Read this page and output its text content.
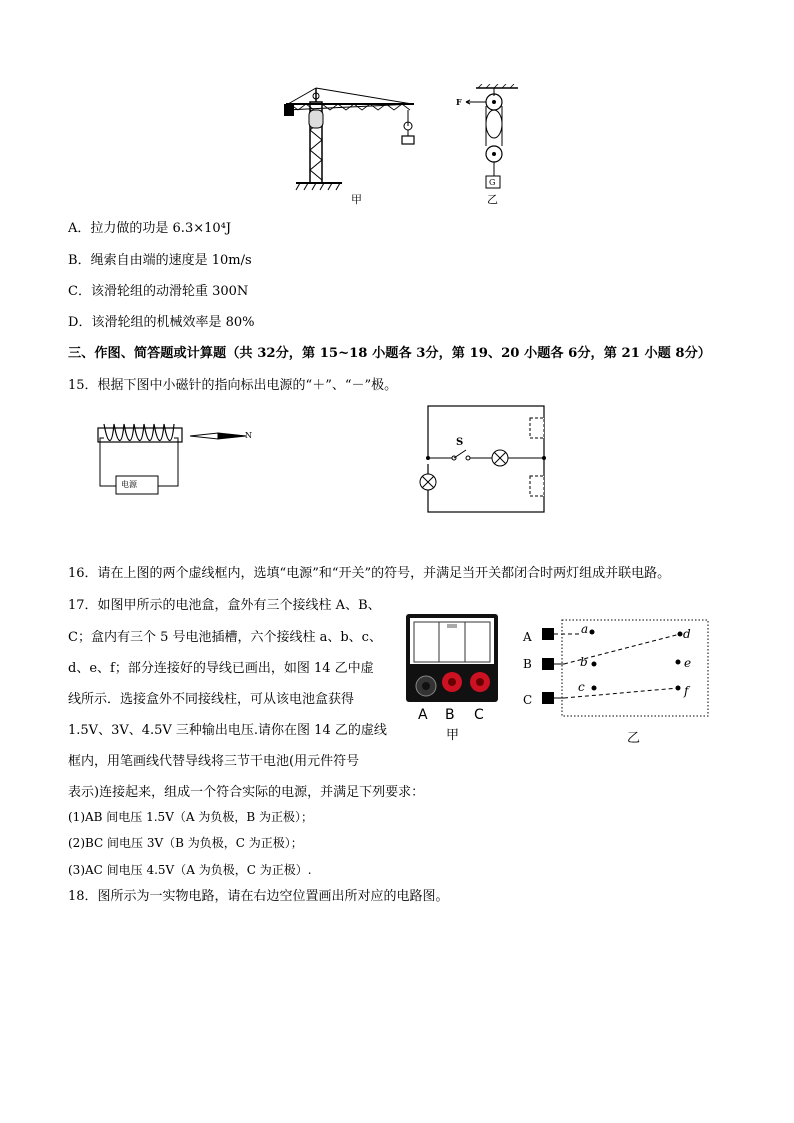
甲
F
G
乙
A．拉力做的功是 6.3×10⁴J
B．绳索自由端的速度是 10m/s
C．该滑轮组的动滑轮重 300N
D．该滑轮组的机械效率是 80%
三、作图、简答题或计算题（共 32分，第 15~18 小题各 3分，第 19、20 小题各 6分，第 21 小题 8分）
15．根据下图中小磁针的指向标出电源的“＋”、“－”极。
电源
N
S
16．请在上图的两个虚线框内，选填“电源”和“开关”的符号，并满足当开关都闭合时两灯组成并联电路。
17．如图甲所示的电池盒，盒外有三个接线柱 A、B、
C；盒内有三个 5 号电池插槽，六个接线柱 a、b、c、
d、e、f；部分连接好的导线已画出，如图 14 乙中虚
线所示．选接盒外不同接线柱，可从该电池盒获得
1.5V、3V、4.5V 三种输出电压.请你在图 14 乙的虚线
框内，用笔画线代替导线将三节干电池(用元件符号
表示)连接起来，组成一个符合实际的电源，并满足下列要求：
A B C
甲
A
B
C
a
b
c
d
e
f
乙
(1)AB 间电压 1.5V（A 为负极，B 为正极）；
(2)BC 间电压 3V（B 为负极，C 为正极）；
(3)AC 间电压 4.5V（A 为负极，C 为正极）.
18．图所示为一实物电路，请在右边空位置画出所对应的电路图。
